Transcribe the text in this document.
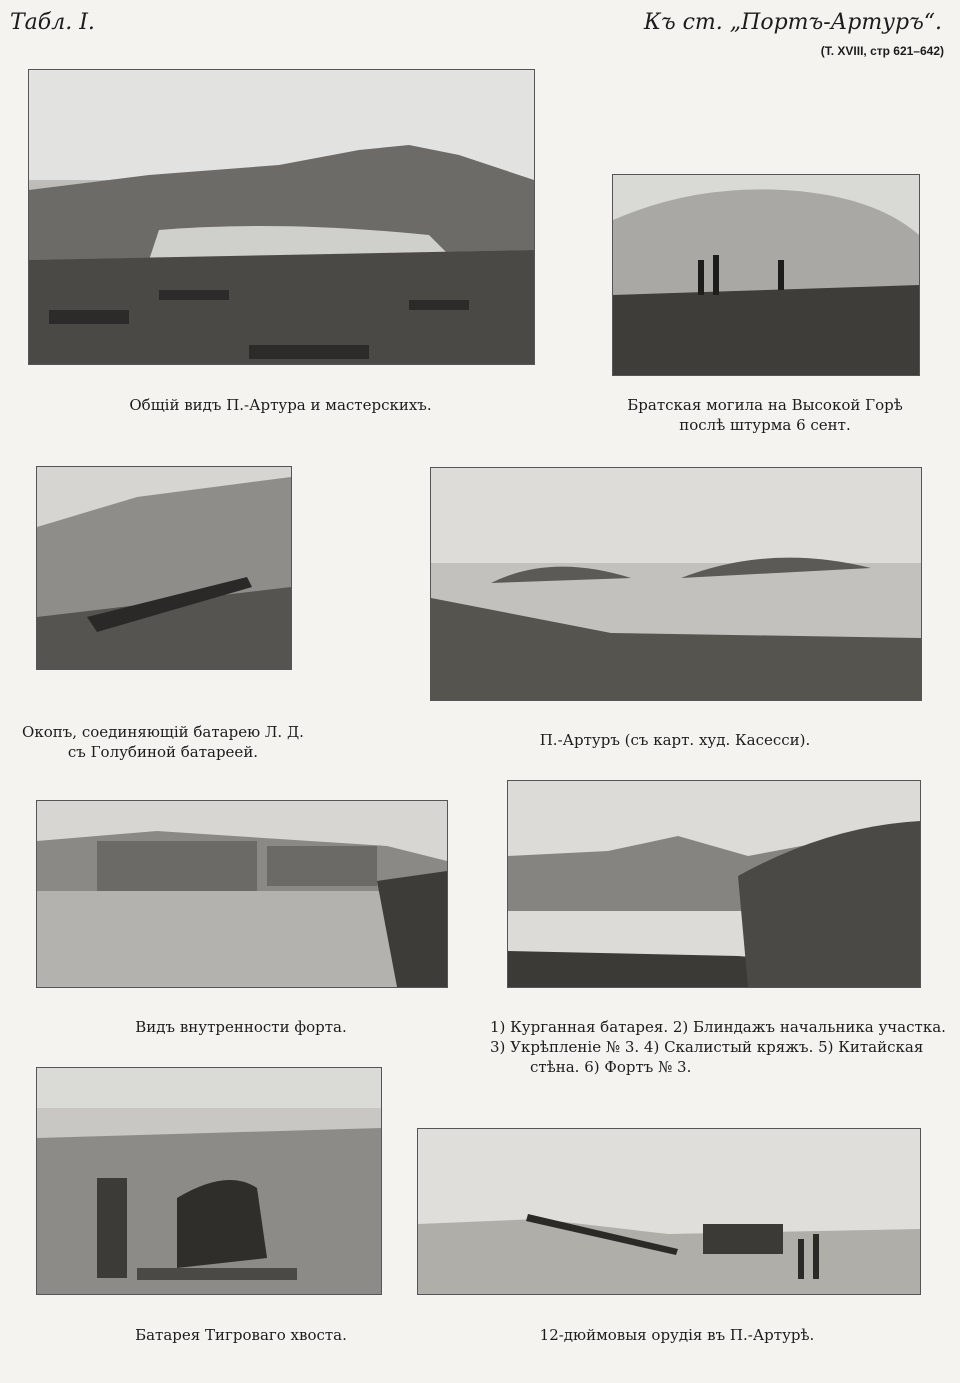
Табл. I.	Къ ст. „Портъ-Артуръ“.
(Т. XVIII, стр 621–642)
Общій видъ П.-Артура и мастерскихъ.	Братская могила на Высокой Горѣ
послѣ штурма 6 сент.
Окопъ, соединяющій батарею Л. Д.
съ Голубиной батареей.
П.-Артуръ (съ карт. худ. Касесси).
Видъ внутренности форта.	1) Курганная батарея. 2) Блиндажъ начальника участка.
3) Укрѣпленіе № 3. 4) Скалистый кряжъ. 5) Китайская
стѣна. 6) Фортъ № 3.
Батарея Тигроваго хвоста.	12-дюймовыя орудія въ П.-Артурѣ.
